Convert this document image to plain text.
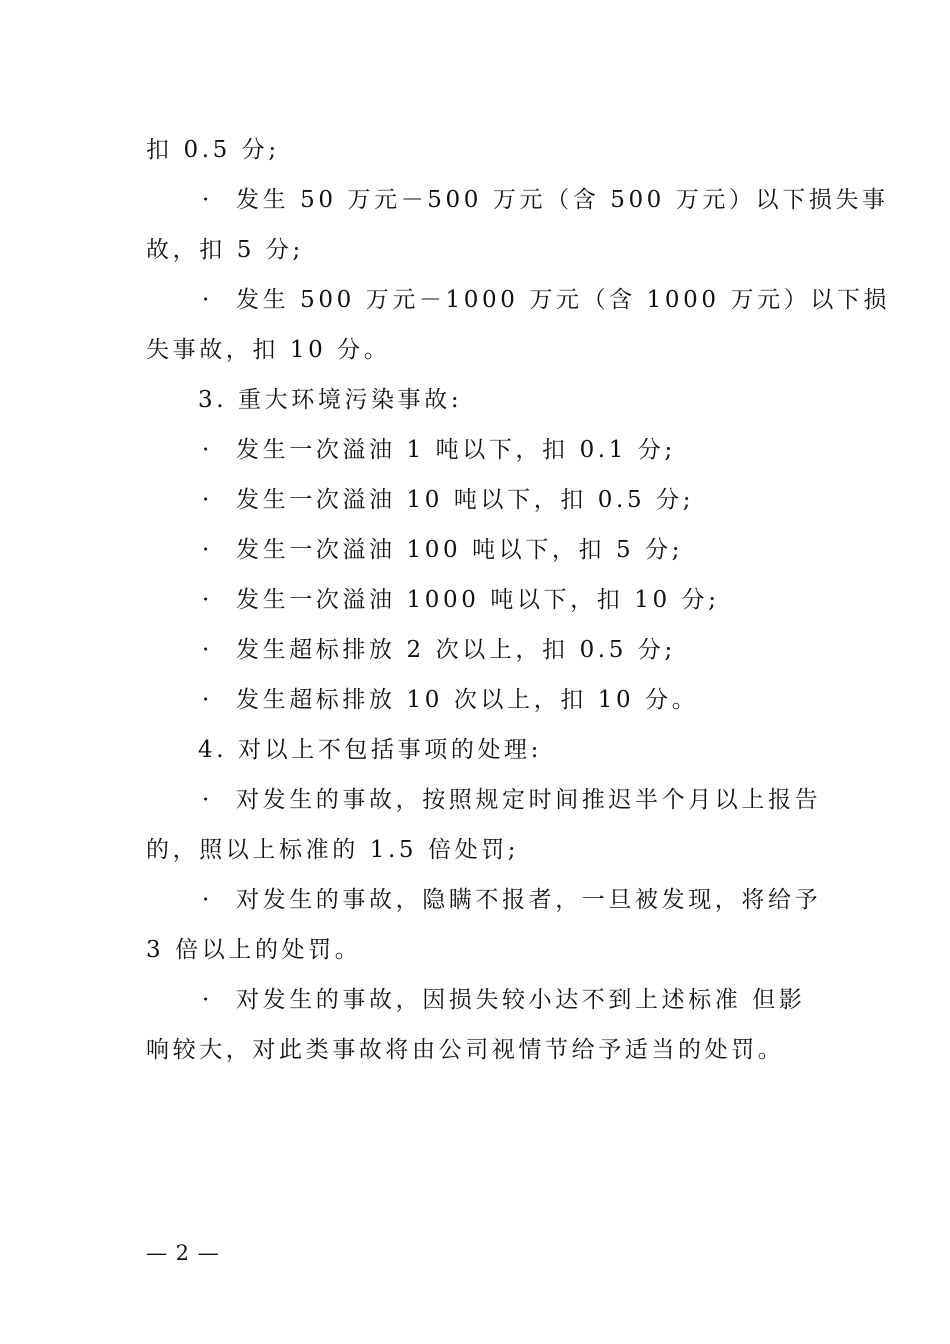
扣 0.5 分;
· 发生 50 万元－500 万元（含 500 万元）以下损失事
故，扣 5 分;
· 发生 500 万元－1000 万元（含 1000 万元）以下损
失事故，扣 10 分。
3. 重大环境污染事故:
· 发生一次溢油 1 吨以下，扣 0.1 分;
· 发生一次溢油 10 吨以下，扣 0.5 分;
· 发生一次溢油 100 吨以下，扣 5 分;
· 发生一次溢油 1000 吨以下，扣 10 分;
· 发生超标排放 2 次以上，扣 0.5 分;
· 发生超标排放 10 次以上，扣 10 分。
4. 对以上不包括事项的处理:
· 对发生的事故，按照规定时间推迟半个月以上报告
的，照以上标准的 1.5 倍处罚;
· 对发生的事故，隐瞒不报者，一旦被发现，将给予
3 倍以上的处罚。
· 对发生的事故，因损失较小达不到上述标准 但影
响较大，对此类事故将由公司视情节给予适当的处罚。
— 2 —
